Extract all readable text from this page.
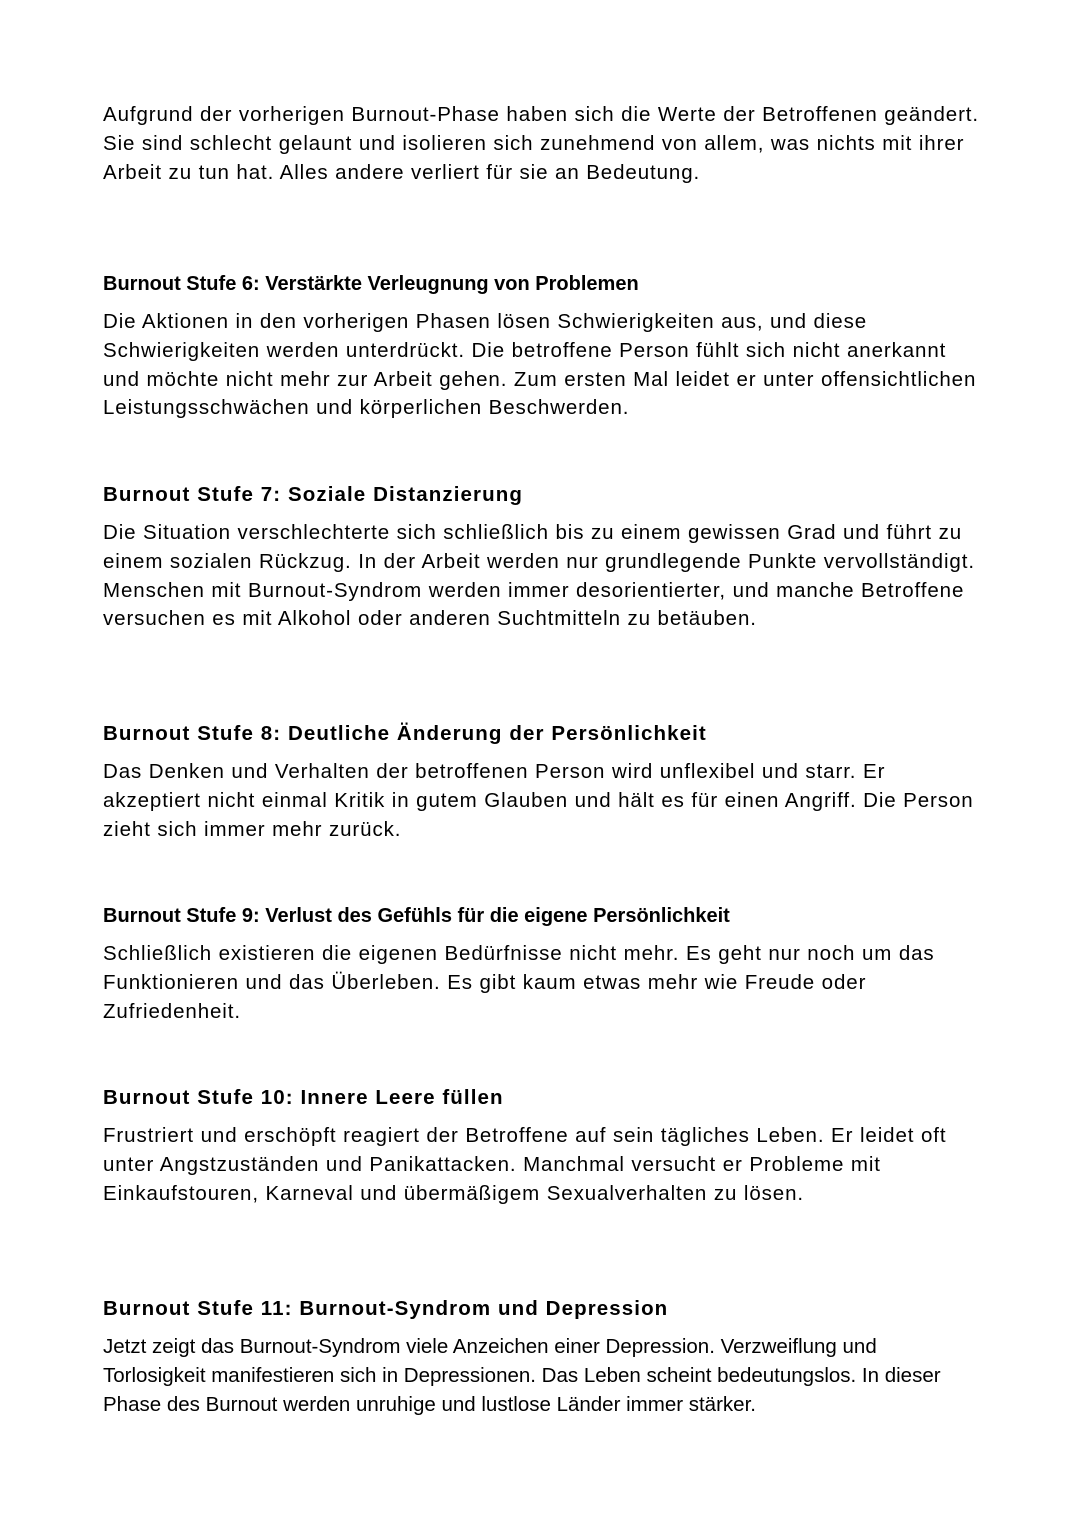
Aufgrund der vorherigen Burnout-Phase haben sich die Werte der Betroffenen geändert. Sie sind schlecht gelaunt und isolieren sich zunehmend von allem, was nichts mit ihrer Arbeit zu tun hat. Alles andere verliert für sie an Bedeutung.

Burnout Stufe 6: Verstärkte Verleugnung von Problemen

Die Aktionen in den vorherigen Phasen lösen Schwierigkeiten aus, und diese Schwierigkeiten werden unterdrückt. Die betroffene Person fühlt sich nicht anerkannt und möchte nicht mehr zur Arbeit gehen. Zum ersten Mal leidet er unter offensichtlichen Leistungsschwächen und körperlichen Beschwerden.

Burnout Stufe 7: Soziale Distanzierung

Die Situation verschlechterte sich schließlich bis zu einem gewissen Grad und führt zu einem sozialen Rückzug. In der Arbeit werden nur grundlegende Punkte vervollständigt. Menschen mit Burnout-Syndrom werden immer desorientierter, und manche Betroffene versuchen es mit Alkohol oder anderen Suchtmitteln zu betäuben.

Burnout Stufe 8: Deutliche Änderung der Persönlichkeit

Das Denken und Verhalten der betroffenen Person wird unflexibel und starr. Er akzeptiert nicht einmal Kritik in gutem Glauben und hält es für einen Angriff. Die Person zieht sich immer mehr zurück.

Burnout Stufe 9: Verlust des Gefühls für die eigene Persönlichkeit

Schließlich existieren die eigenen Bedürfnisse nicht mehr. Es geht nur noch um das Funktionieren und das Überleben. Es gibt kaum etwas mehr wie Freude oder Zufriedenheit.

Burnout Stufe 10: Innere Leere füllen

Frustriert und erschöpft reagiert der Betroffene auf sein tägliches Leben. Er leidet oft unter Angstzuständen und Panikattacken. Manchmal versucht er Probleme mit Einkaufstouren, Karneval und übermäßigem Sexualverhalten zu lösen.

Burnout Stufe 11: Burnout-Syndrom und Depression

Jetzt zeigt das Burnout-Syndrom viele Anzeichen einer Depression. Verzweiflung und Torlosigkeit manifestieren sich in Depressionen. Das Leben scheint bedeutungslos. In dieser Phase des Burnout werden unruhige und lustlose Länder immer stärker.
